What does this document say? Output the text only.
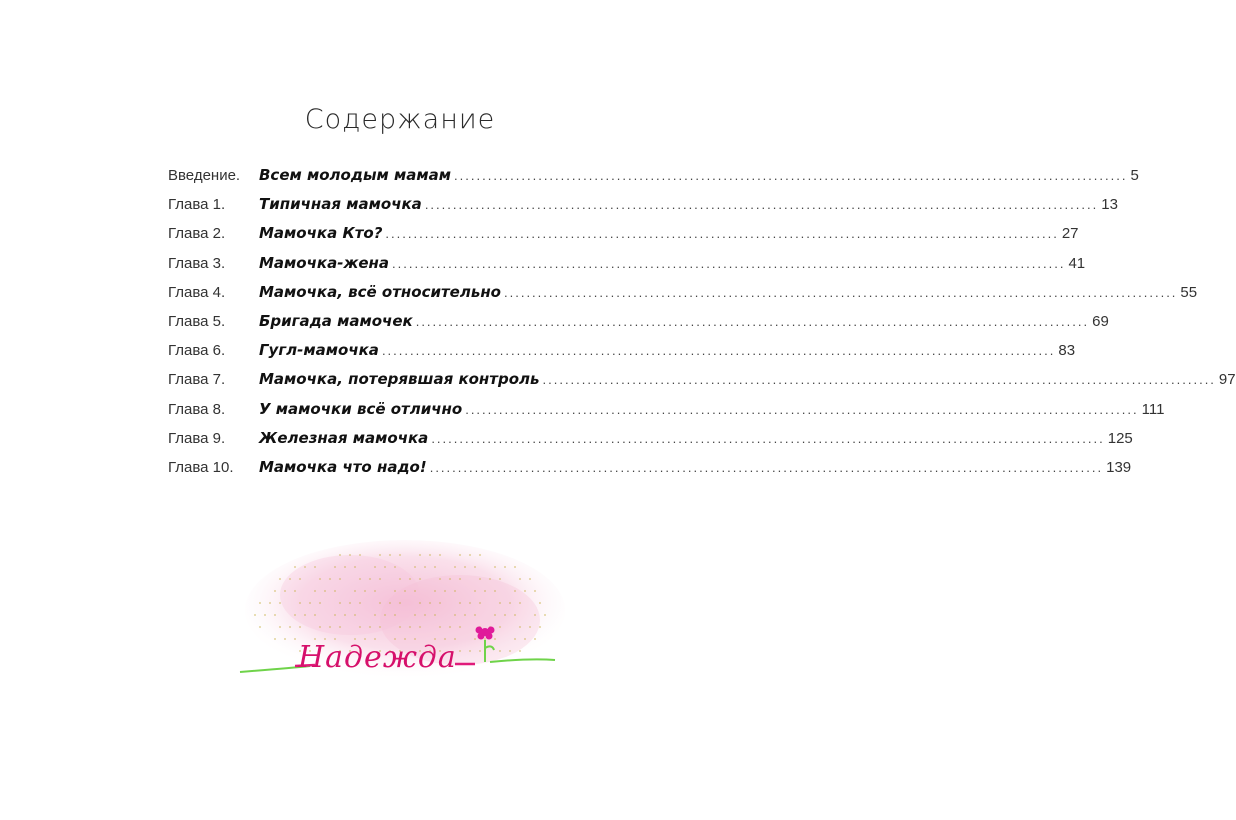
Содержание
Введение.	Всем молодым мамам ........................................................................................................................ 5
Глава 1.	Типичная мамочка ........................................................................................................................ 13
Глава 2.	Мамочка Кто? ........................................................................................................................ 27
Глава 3.	Мамочка-жена ........................................................................................................................ 41
Глава 4.	Мамочка, всё относительно ........................................................................................................................ 55
Глава 5.	Бригада мамочек ........................................................................................................................ 69
Глава 6.	Гугл-мамочка ........................................................................................................................ 83
Глава 7.	Мамочка, потерявшая контроль ........................................................................................................................ 97
Глава 8.	У мамочки всё отлично ........................................................................................................................ 111
Глава 9.	Железная мамочка ........................................................................................................................ 125
Глава 10.	Мамочка что надо! ........................................................................................................................ 139
Надежда
